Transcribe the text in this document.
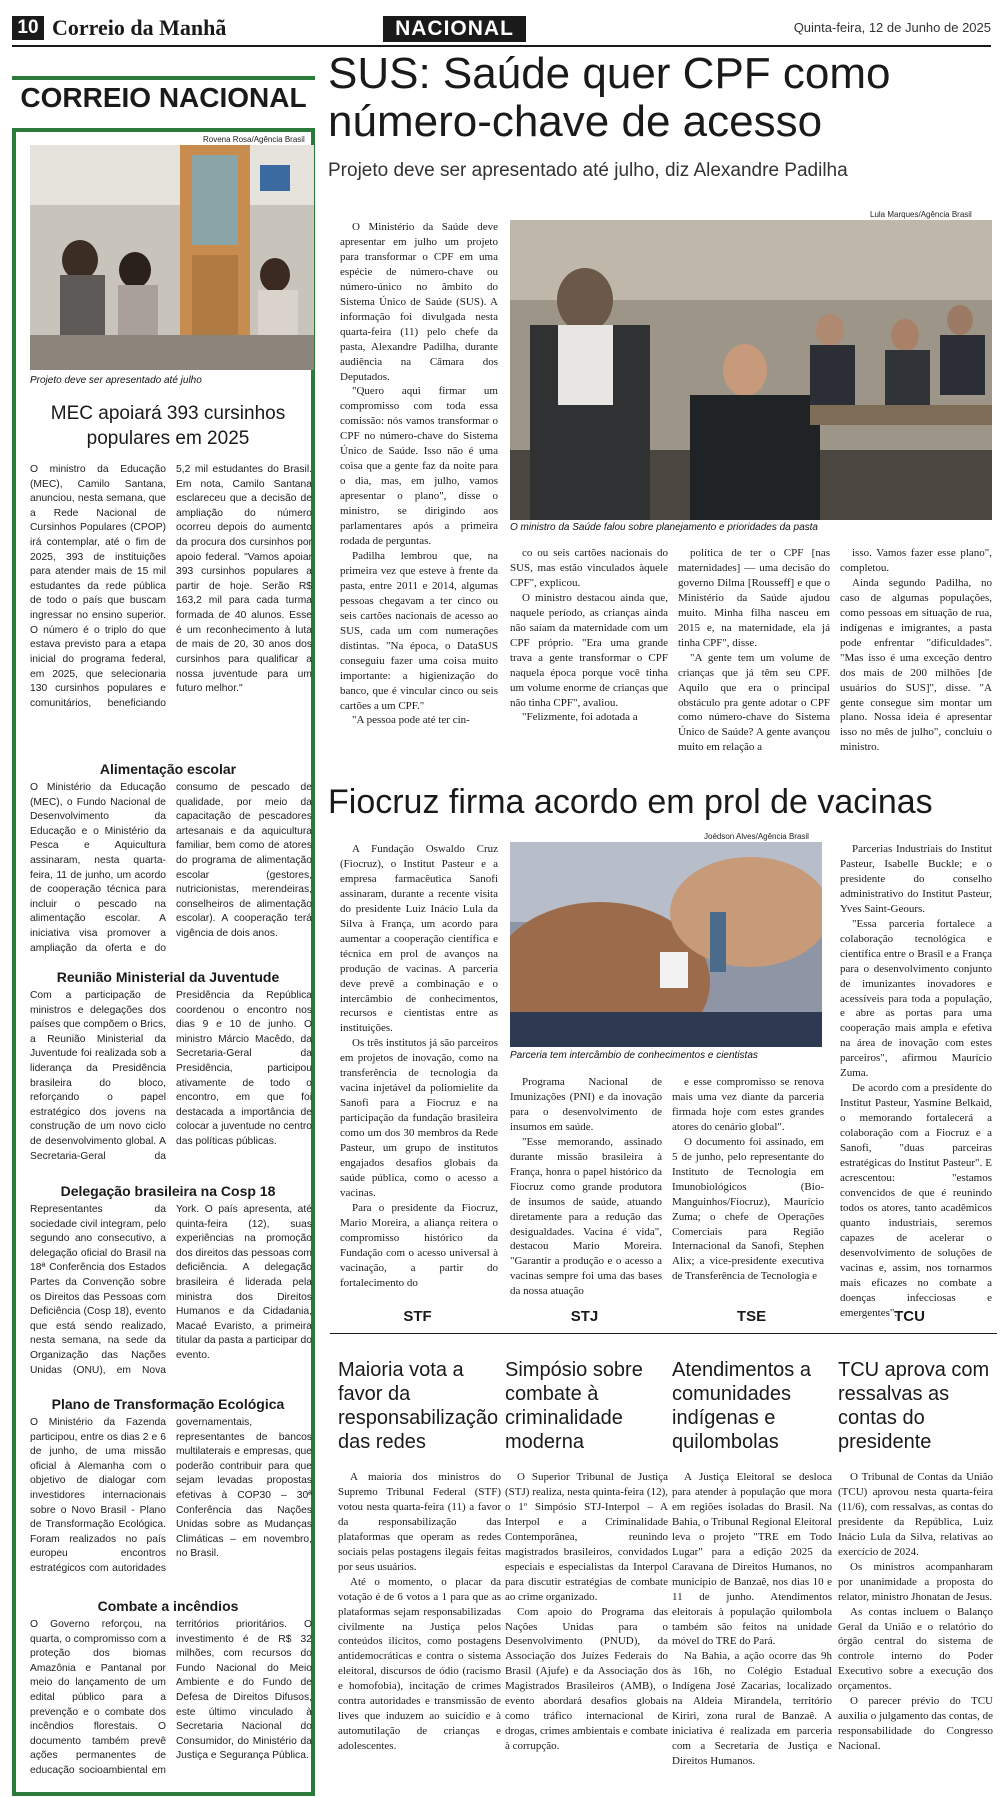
10 Correio da Manhã	NACIONAL	Quinta-feira, 12 de Junho de 2025
CORREIO NACIONAL
Rovena Rosa/Agência Brasil
Projeto deve ser apresentado até julho
MEC apoiará 393 cursinhos populares em 2025
O ministro da Educação (MEC), Camilo Santana, anunciou, nesta semana, que a Rede Nacional de Cursinhos Populares (CPOP) irá contemplar, até o fim de 2025, 393 de instituições para atender mais de 15 mil estudantes da rede pública de todo o país que buscam ingressar no ensino superior. O número é o triplo do que estava previsto para a etapa inicial do programa federal, em 2025, que selecionaria 130 cursinhos populares e comunitários, beneficiando 5,2 mil estudantes do Brasil. Em nota, Camilo Santana esclareceu que a decisão de ampliação do número ocorreu depois do aumento da procura dos cursinhos por apoio federal. "Vamos apoiar 393 cursinhos populares a partir de hoje. Serão R$ 163,2 mil para cada turma formada de 40 alunos. Esse é um reconhecimento à luta de mais de 20, 30 anos dos cursinhos para qualificar a nossa juventude para um futuro melhor."
Alimentação escolar
O Ministério da Educação (MEC), o Fundo Nacional de Desenvolvimento da Educação e o Ministério da Pesca e Aquicultura assinaram, nesta quarta-feira, 11 de junho, um acordo de cooperação técnica para incluir o pescado na alimentação escolar. A iniciativa visa promover a ampliação da oferta e do consumo de pescado de qualidade, por meio da capacitação de pescadores artesanais e da aquicultura familiar, bem como de atores do programa de alimentação escolar (gestores, nutricionistas, merendeiras, conselheiros de alimentação escolar). A cooperação terá vigência de dois anos.
Reunião Ministerial da Juventude
Com a participação de ministros e delegações dos países que compõem o Brics, a Reunião Ministerial da Juventude foi realizada sob a liderança da Presidência brasileira do bloco, reforçando o papel estratégico dos jovens na construção de um novo ciclo de desenvolvimento global. A Secretaria-Geral da Presidência da República coordenou o encontro nos dias 9 e 10 de junho. O ministro Márcio Macêdo, da Secretaria-Geral da Presidência, participou ativamente de todo o encontro, em que foi destacada a importância de colocar a juventude no centro das políticas públicas.
Delegação brasileira na Cosp 18
Representantes da sociedade civil integram, pelo segundo ano consecutivo, a delegação oficial do Brasil na 18ª Conferência dos Estados Partes da Convenção sobre os Direitos das Pessoas com Deficiência (Cosp 18), evento que está sendo realizado, nesta semana, na sede da Organização das Nações Unidas (ONU), em Nova York. O país apresenta, até quinta-feira (12), suas experiências na promoção dos direitos das pessoas com deficiência. A delegação brasileira é liderada pela ministra dos Direitos Humanos e da Cidadania, Macaé Evaristo, a primeira titular da pasta a participar do evento.
Plano de Transformação Ecológica
O Ministério da Fazenda participou, entre os dias 2 e 6 de junho, de uma missão oficial à Alemanha com o objetivo de dialogar com investidores internacionais sobre o Novo Brasil - Plano de Transformação Ecológica. Foram realizados no país europeu encontros estratégicos com autoridades governamentais, representantes de bancos multilaterais e empresas, que poderão contribuir para que sejam levadas propostas efetivas à COP30 – 30ª Conferência das Nações Unidas sobre as Mudanças Climáticas – em novembro, no Brasil.
Combate a incêndios
O Governo reforçou, na quarta, o compromisso com a proteção dos biomas Amazônia e Pantanal por meio do lançamento de um edital público para a prevenção e o combate dos incêndios florestais. O documento também prevê ações permanentes de educação socioambiental em territórios prioritários. O investimento é de R$ 32 milhões, com recursos do Fundo Nacional do Meio Ambiente e do Fundo de Defesa de Direitos Difusos, este último vinculado à Secretaria Nacional do Consumidor, do Ministério da Justiça e Segurança Pública.
SUS: Saúde quer CPF como número-chave de acesso
Projeto deve ser apresentado até julho, diz Alexandre Padilha
Lula Marques/Agência Brasil
O ministro da Saúde falou sobre planejamento e prioridades da pasta

O Ministério da Saúde deve apresentar em julho um projeto para transformar o CPF em uma espécie de número-chave ou número-único no âmbito do Sistema Único de Saúde (SUS). A informação foi divulgada nesta quarta-feira (11) pelo chefe da pasta, Alexandre Padilha, durante audiência na Câmara dos Deputados.

"Quero aqui firmar um compromisso com toda essa comissão: nós vamos transformar o CPF no número-chave do Sistema Único de Saúde. Isso não é uma coisa que a gente faz da noite para o dia, mas, em julho, vamos apresentar o plano", disse o ministro, se dirigindo aos parlamentares após a primeira rodada de perguntas.

Padilha lembrou que, na primeira vez que esteve à frente da pasta, entre 2011 e 2014, algumas pessoas chegavam a ter cinco ou seis cartões nacionais de acesso ao SUS, cada um com numerações distintas. "Na época, o DataSUS conseguiu fazer uma coisa muito importante: a higienização do banco, que é vincular cinco ou seis cartões a um CPF."

"A pessoa pode até ter cin-

co ou seis cartões nacionais do SUS, mas estão vinculados àquele CPF", explicou.

O ministro destacou ainda que, naquele período, as crianças ainda não saíam da maternidade com um CPF próprio. "Era uma grande trava a gente transformar o CPF naquela época porque você tinha um volume enorme de crianças que não tinha CPF", avaliou.

"Felizmente, foi adotada a

política de ter o CPF [nas maternidades] — uma decisão do governo Dilma [Rousseff] e que o Ministério da Saúde ajudou muito. Minha filha nasceu em 2015 e, na maternidade, ela já tinha CPF", disse.

"A gente tem um volume de crianças que já têm seu CPF. Aquilo que era o principal obstáculo pra gente adotar o CPF como número-chave do Sistema Único de Saúde? A gente avançou muito em relação a

isso. Vamos fazer esse plano", completou.

Ainda segundo Padilha, no caso de algumas populações, como pessoas em situação de rua, indígenas e imigrantes, a pasta pode enfrentar "dificuldades". "Mas isso é uma exceção dentro dos mais de 200 milhões [de usuários do SUS]", disse. "A gente consegue sim montar um plano. Nossa ideia é apresentar isso no mês de julho", concluiu o ministro.

Fiocruz firma acordo em prol de vacinas
Joédson Alves/Agência Brasil
Parceria tem intercâmbio de conhecimentos e cientistas

A Fundação Oswaldo Cruz (Fiocruz), o Institut Pasteur e a empresa farmacêutica Sanofi assinaram, durante a recente visita do presidente Luiz Inácio Lula da Silva à França, um acordo para aumentar a cooperação científica e técnica em prol de avanços na produção de vacinas. A parceria deve prevê a combinação e o intercâmbio de conhecimentos, recursos e cientistas entre as instituições.

Os três institutos já são parceiros em projetos de inovação, como na transferência de tecnologia da vacina injetável da poliomielite da Sanofi para a Fiocruz e na participação da fundação brasileira como um dos 30 membros da Rede Pasteur, um grupo de institutos engajados desafios globais da saúde pública, como o acesso a vacinas.

Para o presidente da Fiocruz, Mario Moreira, a aliança reitera o compromisso histórico da Fundação com o acesso universal à vacinação, a partir do fortalecimento do

Programa Nacional de Imunizações (PNI) e da inovação para o desenvolvimento de insumos em saúde.

"Esse memorando, assinado durante missão brasileira à França, honra o papel histórico da Fiocruz como grande produtora de insumos de saúde, atuando diretamente para a redução das desigualdades. Vacina é vida", destacou Mario Moreira. "Garantir a produção e o acesso a vacinas sempre foi uma das bases da nossa atuação

e esse compromisso se renova mais uma vez diante da parceria firmada hoje com estes grandes atores do cenário global".

O documento foi assinado, em 5 de junho, pelo representante do Instituto de Tecnologia em Imunobiológicos (Bio-Manguinhos/Fiocruz), Maurício Zuma; o chefe de Operações Comerciais para Região Internacional da Sanofi, Stephen Alix; a vice-presidente executiva de Transferência de Tecnologia e

Parcerias Industriais do Institut Pasteur, Isabelle Buckle; e o presidente do conselho administrativo do Institut Pasteur, Yves Saint-Geours.

"Essa parceria fortalece a colaboração tecnológica e científica entre o Brasil e a França para o desenvolvimento conjunto de imunizantes inovadores e acessíveis para toda a população, e abre as portas para uma cooperação mais ampla e efetiva na área de inovação com estes parceiros", afirmou Maurício Zuma.

De acordo com a presidente do Institut Pasteur, Yasmine Belkaid, o memorando fortalecerá a colaboração com a Fiocruz e a Sanofi, "duas parceiras estratégicas do Institut Pasteur". E acrescentou: "estamos convencidos de que é reunindo todos os atores, tanto acadêmicos quanto industriais, seremos capazes de acelerar o desenvolvimento de soluções de vacinas e, assim, nos tornarmos mais eficazes no combate a doenças infecciosas e emergentes".

STF
Maioria vota a favor da responsabilização das redes

A maioria dos ministros do Supremo Tribunal Federal (STF) votou nesta quarta-feira (11) a favor da responsabilização das plataformas que operam as redes sociais pelas postagens ilegais feitas por seus usuários.

Até o momento, o placar da votação é de 6 votos a 1 para que as plataformas sejam responsabilizadas civilmente na Justiça pelos conteúdos ilícitos, como postagens antidemocráticas e contra o sistema eleitoral, discursos de ódio (racismo e homofobia), incitação de crimes contra autoridades e transmissão de lives que induzem ao suicídio e à automutilação de crianças e adolescentes.

STJ
Simpósio sobre combate à criminalidade moderna

O Superior Tribunal de Justiça (STJ) realiza, nesta quinta-feira (12), o 1º Simpósio STJ-Interpol – A Interpol e a Criminalidade Contemporânea, reunindo magistrados brasileiros, convidados especiais e especialistas da Interpol para discutir estratégias de combate ao crime organizado.

Com apoio do Programa das Nações Unidas para o Desenvolvimento (PNUD), da Associação dos Juízes Federais do Brasil (Ajufe) e da Associação dos Magistrados Brasileiros (AMB), o evento abordará desafios globais como tráfico internacional de drogas, crimes ambientais e combate à corrupção.

TSE
Atendimentos a comunidades indígenas e quilombolas

A Justiça Eleitoral se desloca para atender à população que mora em regiões isoladas do Brasil. Na Bahia, o Tribunal Regional Eleitoral leva o projeto "TRE em Todo Lugar" para a edição 2025 da Caravana de Direitos Humanos, no município de Banzaê, nos dias 10 e 11 de junho. Atendimentos eleitorais à população quilombola também são feitos na unidade móvel do TRE do Pará.

Na Bahia, a ação ocorre das 9h às 16h, no Colégio Estadual Indígena José Zacarias, localizado na Aldeia Mirandela, território Kiriri, zona rural de Banzaê. A iniciativa é realizada em parceria com a Secretaria de Justiça e Direitos Humanos.

TCU
TCU aprova com ressalvas as contas do presidente

O Tribunal de Contas da União (TCU) aprovou nesta quarta-feira (11/6), com ressalvas, as contas do presidente da República, Luiz Inácio Lula da Silva, relativas ao exercício de 2024.

Os ministros acompanharam por unanimidade a proposta do relator, ministro Jhonatan de Jesus.

As contas incluem o Balanço Geral da União e o relatório do órgão central do sistema de controle interno do Poder Executivo sobre a execução dos orçamentos.

O parecer prévio do TCU auxilia o julgamento das contas, de responsabilidade do Congresso Nacional.
